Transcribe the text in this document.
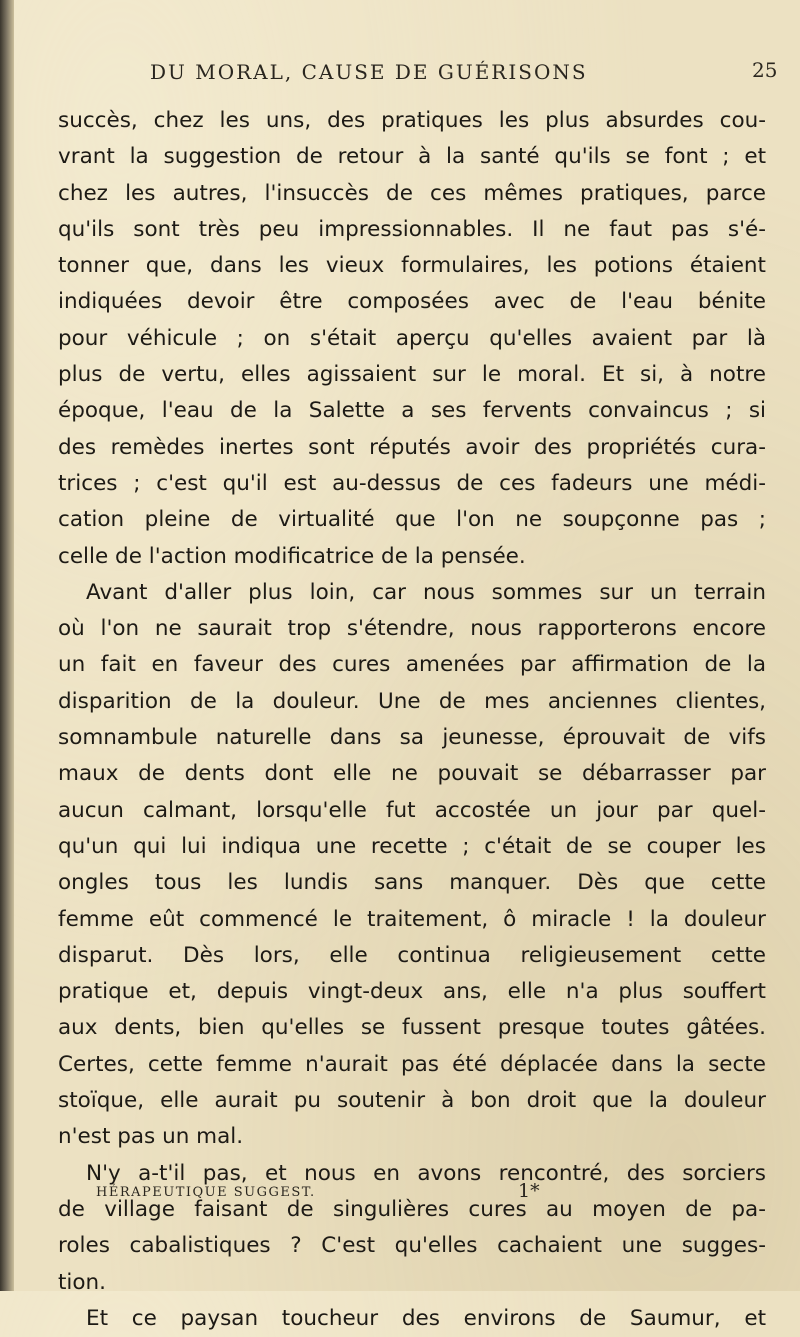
DU MORAL, CAUSE DE GUÉRISONS	25
succès, chez les uns, des pratiques les plus absurdes cou-
vrant la suggestion de retour à la santé qu'ils se font ; et
chez les autres, l'insuccès de ces mêmes pratiques, parce
qu'ils sont très peu impressionnables. Il ne faut pas s'é-
tonner que, dans les vieux formulaires, les potions étaient
indiquées devoir être composées avec de l'eau bénite
pour véhicule ; on s'était aperçu qu'elles avaient par là
plus de vertu, elles agissaient sur le moral. Et si, à notre
époque, l'eau de la Salette a ses fervents convaincus ; si
des remèdes inertes sont réputés avoir des propriétés cura-
trices ; c'est qu'il est au-dessus de ces fadeurs une médi-
cation pleine de virtualité que l'on ne soupçonne pas ;
celle de l'action modificatrice de la pensée.
Avant d'aller plus loin, car nous sommes sur un terrain
où l'on ne saurait trop s'étendre, nous rapporterons encore
un fait en faveur des cures amenées par affirmation de la
disparition de la douleur. Une de mes anciennes clientes,
somnambule naturelle dans sa jeunesse, éprouvait de vifs
maux de dents dont elle ne pouvait se débarrasser par
aucun calmant, lorsqu'elle fut accostée un jour par quel-
qu'un qui lui indiqua une recette ; c'était de se couper les
ongles tous les lundis sans manquer. Dès que cette
femme eût commencé le traitement, ô miracle ! la douleur
disparut. Dès lors, elle continua religieusement cette
pratique et, depuis vingt-deux ans, elle n'a plus souffert
aux dents, bien qu'elles se fussent presque toutes gâtées.
Certes, cette femme n'aurait pas été déplacée dans la secte
stoïque, elle aurait pu soutenir à bon droit que la douleur
n'est pas un mal.
N'y a-t'il pas, et nous en avons rencontré, des sorciers
de village faisant de singulières cures au moyen de pa-
roles cabalistiques ? C'est qu'elles cachaient une sugges-
tion.
Et ce paysan toucheur des environs de Saumur, et
HÉRAPEUTIQUE SUGGEST.	1*
